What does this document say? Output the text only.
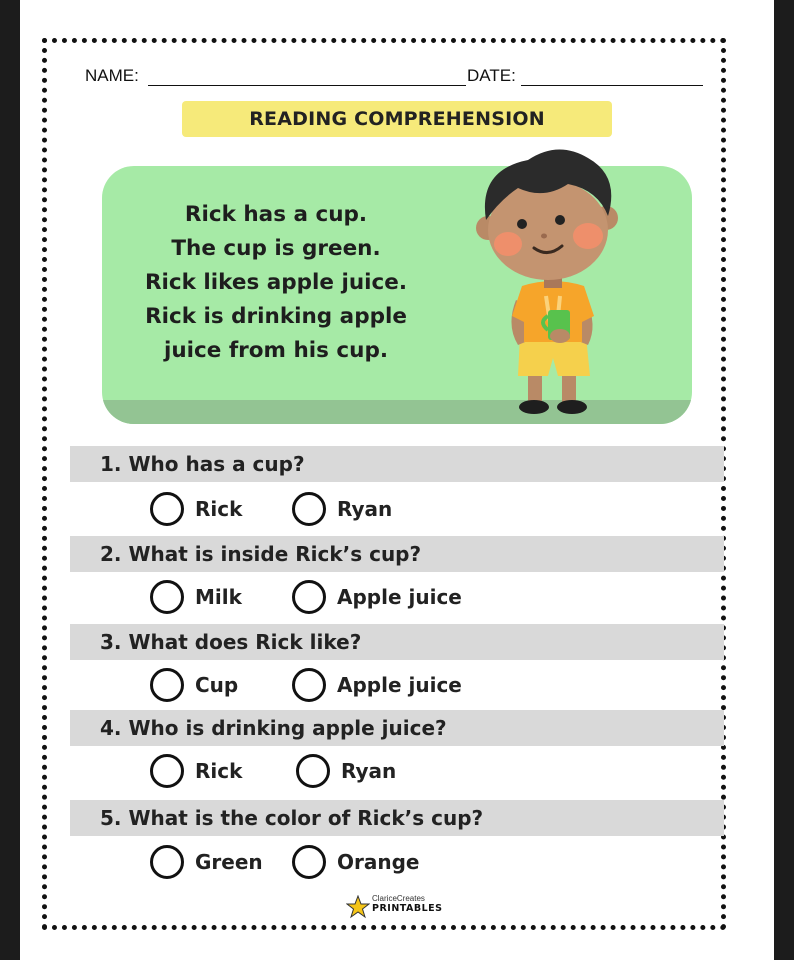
NAME:	DATE:
READING COMPREHENSION
Rick has a cup.
The cup is green.
Rick likes apple juice.
Rick is drinking apple
juice from his cup.
1. Who has a cup?
Rick	Ryan
2. What is inside Rick’s cup?
Milk	Apple juice
3. What does Rick like?
Cup	Apple juice
4. Who is drinking apple juice?
Rick	Ryan
5. What is the color of Rick’s cup?
Green	Orange
ClariceCreates
PRINTABLES
